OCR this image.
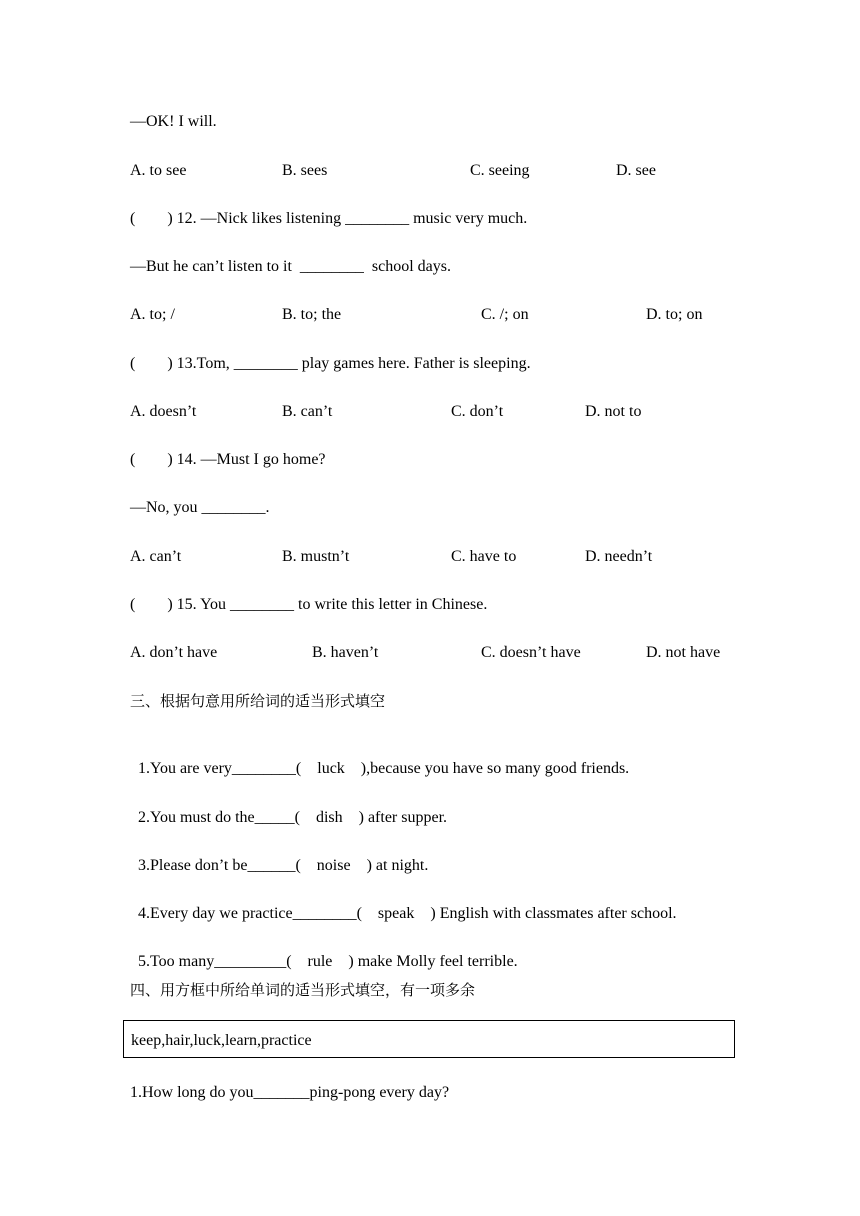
—OK! I will.
A. to see	B. sees	C. seeing	D. see
(        ) 12. —Nick likes listening ________ music very much.
—But he can’t listen to it  ________  school days.
A. to; /	B. to; the	C. /; on	D. to; on
(        ) 13.Tom, ________ play games here. Father is sleeping.
A. doesn’t	B. can’t	C. don’t	D. not to
(        ) 14. —Must I go home?
—No, you ________.
A. can’t	B. mustn’t	C. have to	D. needn’t
(        ) 15. You ________ to write this letter in Chinese.
A. don’t have	B. haven’t	C. doesn’t have	D. not have
三、根据句意用所给词的适当形式填空

1.You are very________(    luck    ),because you have so many good friends.

2.You must do the_____(    dish    ) after supper.

3.Please don’t be______(    noise    ) at night.

4.Every day we practice________(    speak    ) English with classmates after school.

5.Too many_________(    rule    ) make Molly feel terrible.

四、用方框中所给单词的适当形式填空，有一项多余
keep,hair,luck,learn,practice
1.How long do you_______ping-pong every day?
